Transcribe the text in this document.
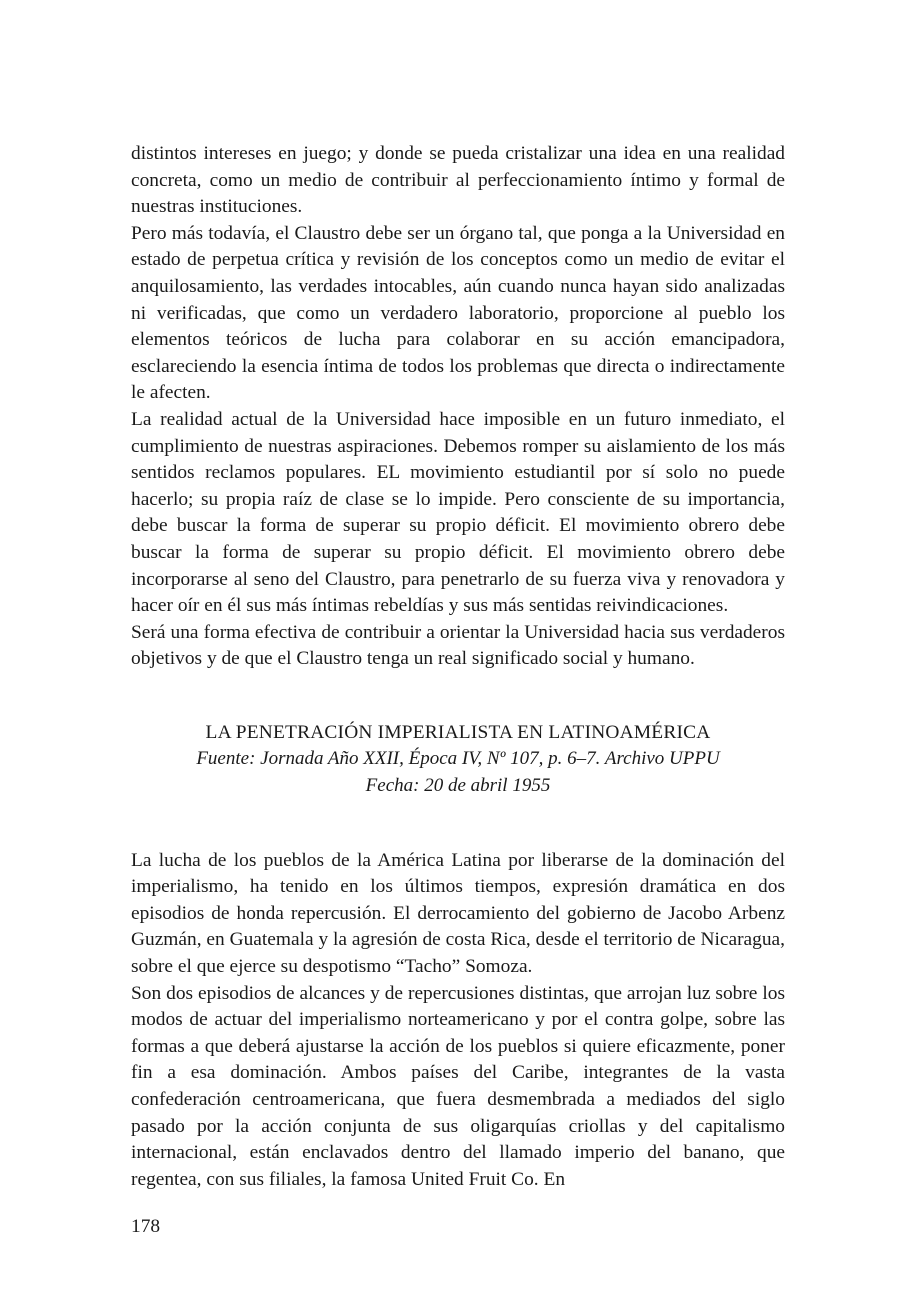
distintos intereses en juego; y donde se pueda cristalizar una idea en una realidad concreta, como un medio de contribuir al perfeccionamiento íntimo y formal de nuestras instituciones.

Pero más todavía, el Claustro debe ser un órgano tal, que ponga a la Universidad en estado de perpetua crítica y revisión de los conceptos como un medio de evitar el anquilosamiento, las verdades intocables, aún cuando nunca hayan sido analizadas ni verificadas, que como un verdadero laboratorio, proporcione al pueblo los elementos teóricos de lucha para colaborar en su acción emancipadora, esclareciendo la esencia íntima de todos los problemas que directa o indirectamente le afecten.

La realidad actual de la Universidad hace imposible en un futuro inmediato, el cumplimiento de nuestras aspiraciones. Debemos romper su aislamiento de los más sentidos reclamos populares. EL movimiento estudiantil por sí solo no puede hacerlo; su propia raíz de clase se lo impide. Pero consciente de su importancia, debe buscar la forma de superar su propio déficit. El movimiento obrero debe buscar la forma de superar su propio déficit. El movimiento obrero debe incorporarse al seno del Claustro, para penetrarlo de su fuerza viva y renovadora y hacer oír en él sus más íntimas rebeldías y sus más sentidas reivindicaciones.

Será una forma efectiva de contribuir a orientar la Universidad hacia sus verdaderos objetivos y de que el Claustro tenga un real significado social y humano.

LA PENETRACIÓN IMPERIALISTA EN LATINOAMÉRICA

Fuente: Jornada Año XXII, Época IV, Nº 107, p. 6–7. Archivo UPPU

Fecha: 20 de abril 1955

La lucha de los pueblos de la América Latina por liberarse de la dominación del imperialismo, ha tenido en los últimos tiempos, expresión dramática en dos episodios de honda repercusión. El derrocamiento del gobierno de Jacobo Arbenz Guzmán, en Guatemala y la agresión de costa Rica, desde el territorio de Nicaragua, sobre el que ejerce su despotismo “Tacho” Somoza.

Son dos episodios de alcances y de repercusiones distintas, que arrojan luz sobre los modos de actuar del imperialismo norteamericano y por el contra golpe, sobre las formas a que deberá ajustarse la acción de los pueblos si quiere eficazmente, poner fin a esa dominación. Ambos países del Caribe, integrantes de la vasta confederación centroamericana, que fuera desmembrada a mediados del siglo pasado por la acción conjunta de sus oligarquías criollas y del capitalismo internacional, están enclavados dentro del llamado imperio del banano, que regentea, con sus filiales, la famosa United Fruit Co. En

178
